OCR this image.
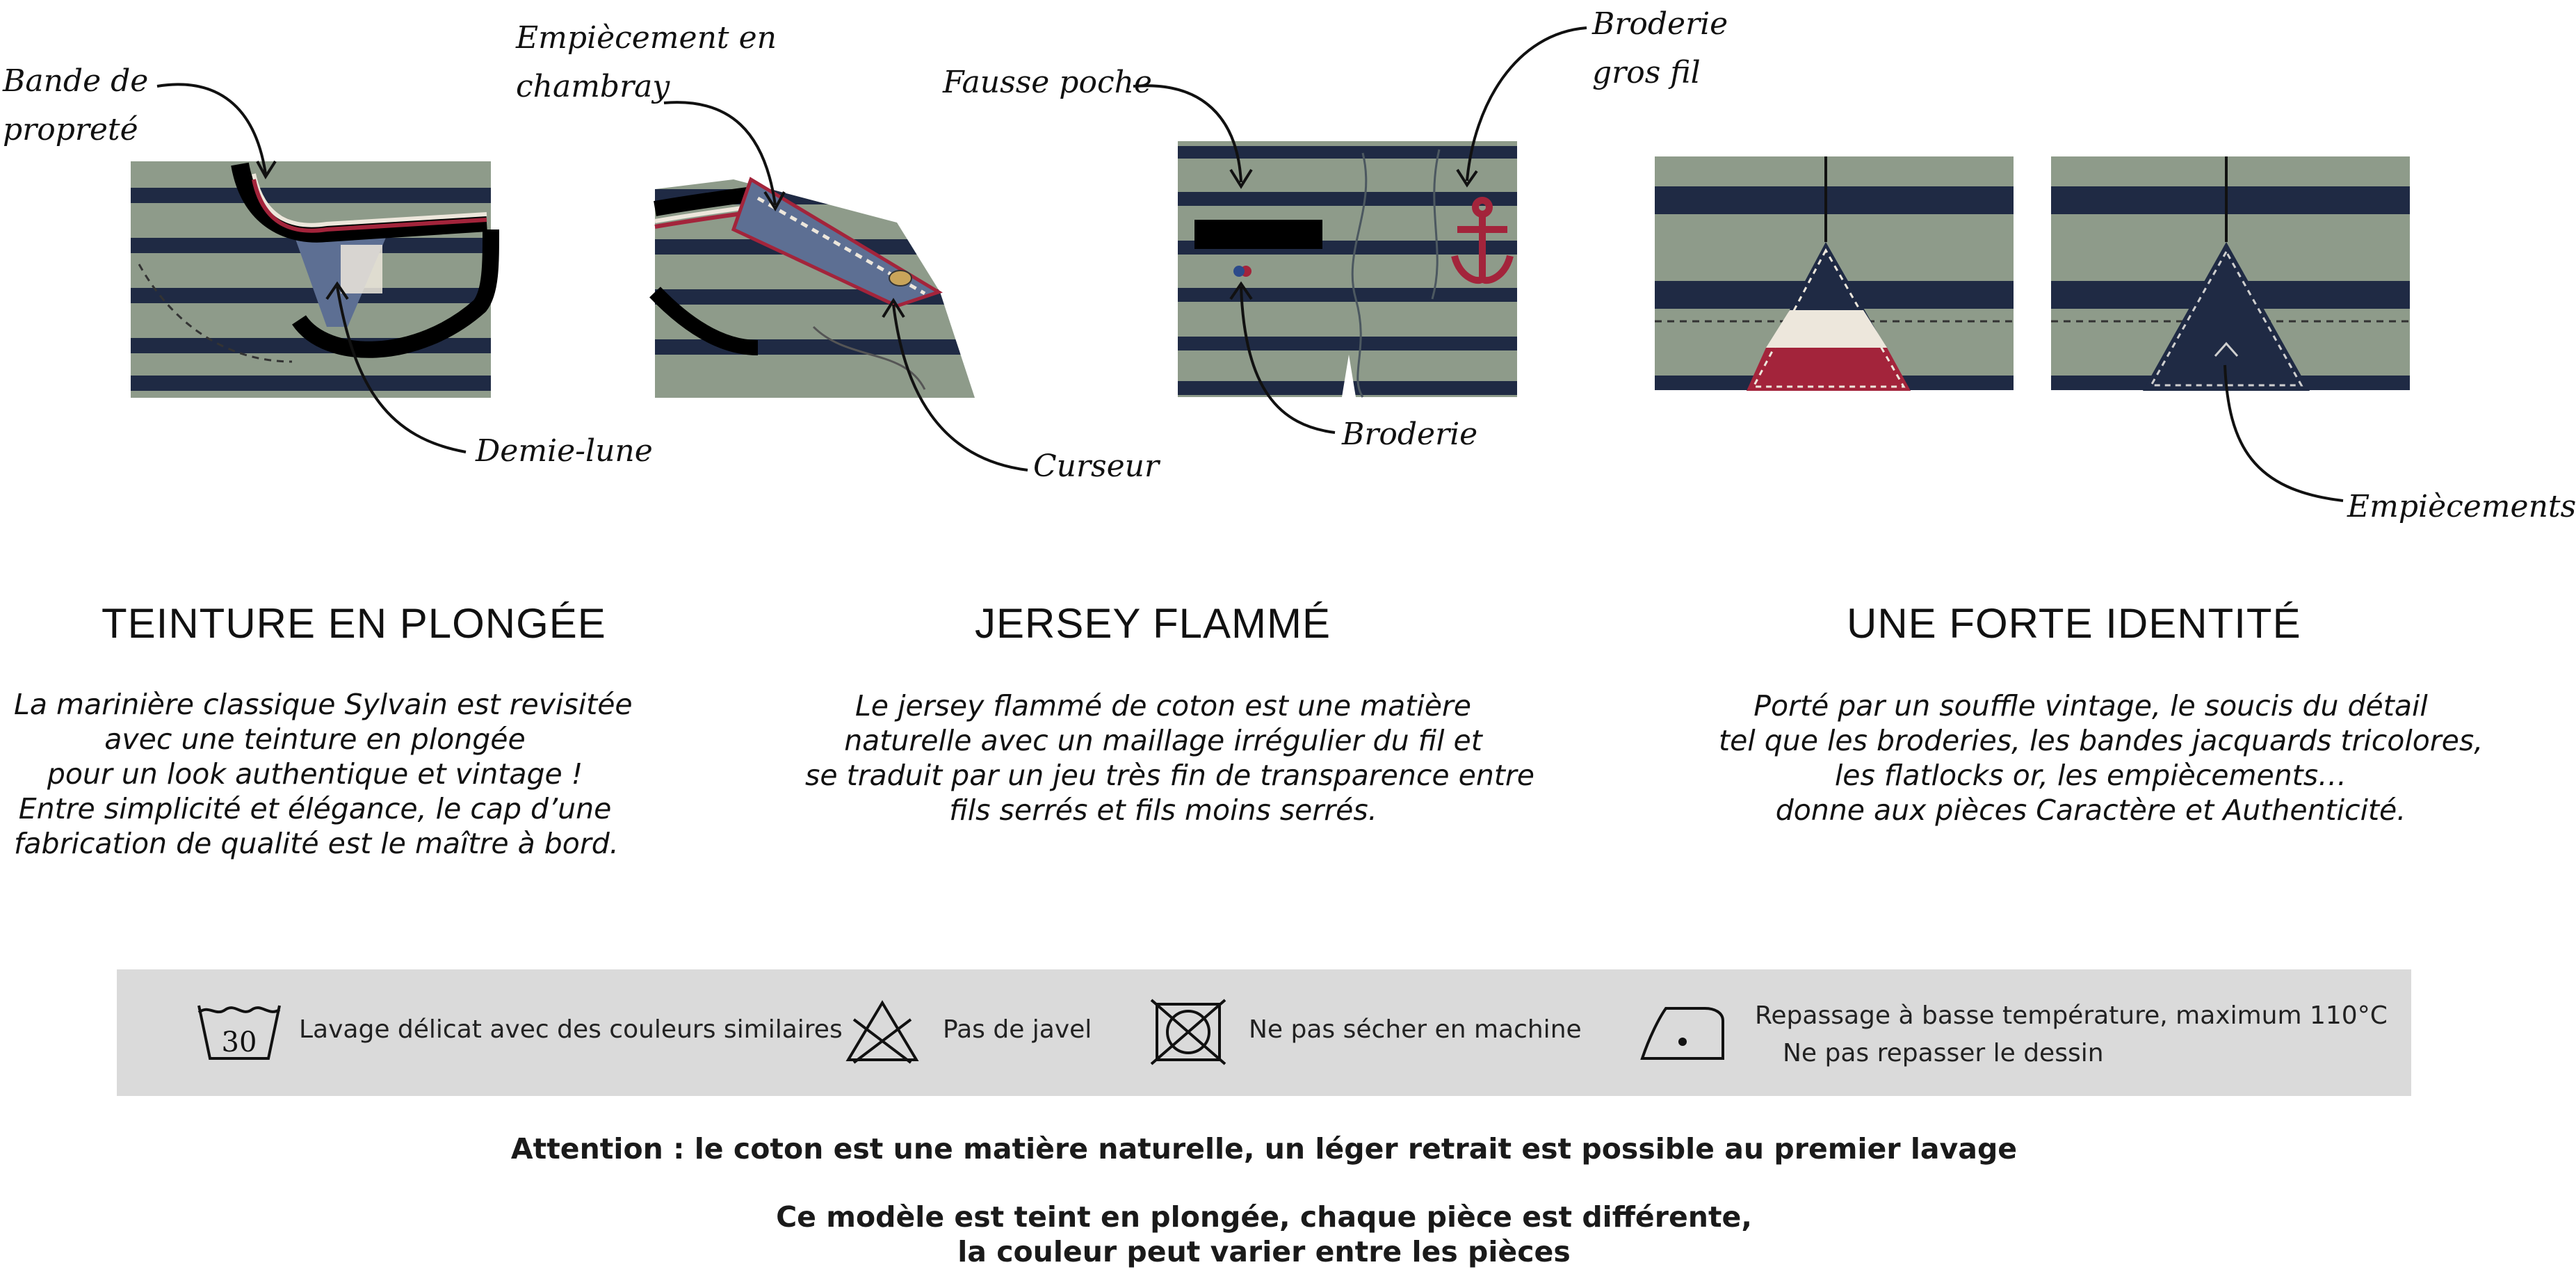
Bande de
propreté
Empiècement en
chambray	Fausse poche
Broderie
gros fil
Demie-lune	Curseur
Broderie
Empiècements
TEINTURE EN PLONGÉE	JERSEY FLAMMÉ	UNE FORTE IDENTITÉ
La marinière classique Sylvain est revisitée
avec une teinture en plongée
pour un look authentique et vintage !
Entre simplicité et élégance, le cap d’une
fabrication de qualité est le maître à bord.
Le jersey flammé de coton est une matière
naturelle avec un maillage irrégulier du fil et
se traduit par un jeu très fin de transparence entre
fils serrés et fils moins serrés.
Porté par un souffle vintage, le soucis du détail
tel que les broderies, les bandes jacquards tricolores,
les flatlocks or, les empiècements…
donne aux pièces Caractère et Authenticité.
30 Lavage délicat avec des couleurs similaires	Pas de javel	Ne pas sécher en machine	Repassage à basse température, maximum 110°C
Ne pas repasser le dessin
Attention : le coton est une matière naturelle, un léger retrait est possible au premier lavage
Ce modèle est teint en plongée, chaque pièce est différente,
la couleur peut varier entre les pièces
